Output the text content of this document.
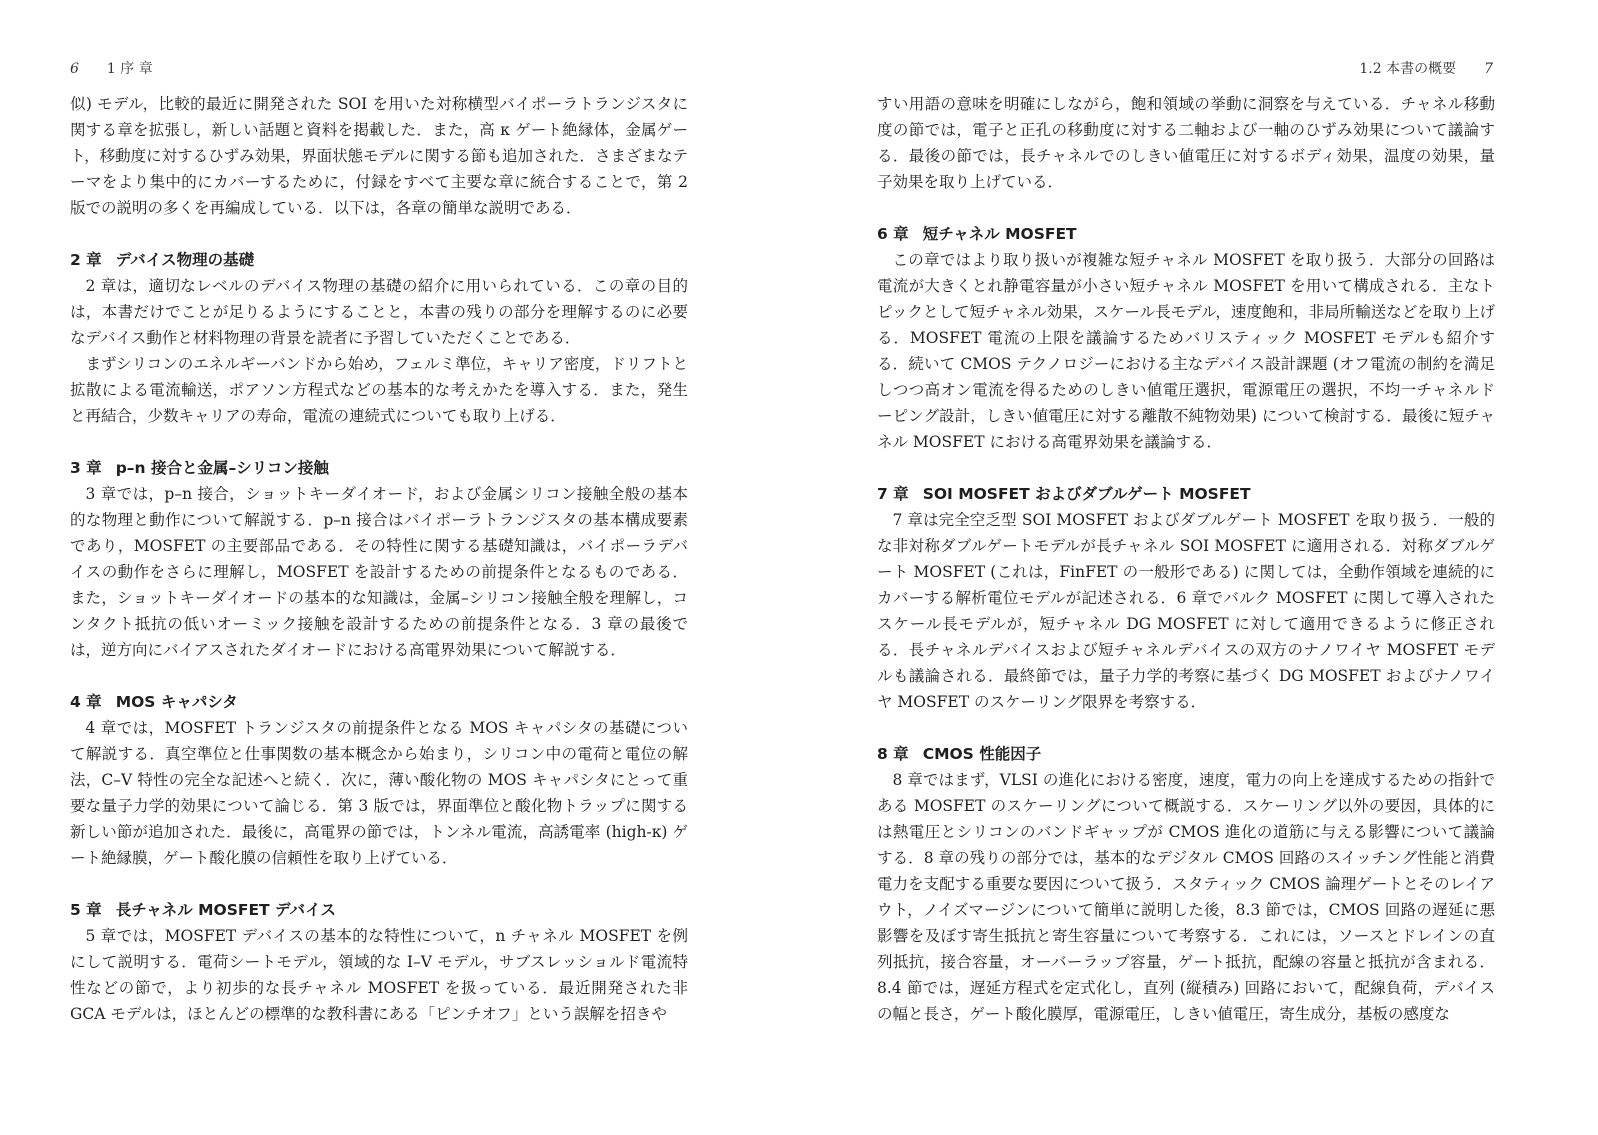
6 1 序 章

似) モデル，比較的最近に開発された SOI を用いた対称横型バイポーラトランジスタに関する章を拡張し，新しい話題と資料を掲載した．また，高 κ ゲート絶縁体，金属ゲート，移動度に対するひずみ効果，界面状態モデルに関する節も追加された．さまざまなテーマをより集中的にカバーするために，付録をすべて主要な章に統合することで，第 2 版での説明の多くを再編成している．以下は，各章の簡単な説明である．

2 章 デバイス物理の基礎

2 章は，適切なレベルのデバイス物理の基礎の紹介に用いられている．この章の目的は，本書だけでことが足りるようにすることと，本書の残りの部分を理解するのに必要なデバイス動作と材料物理の背景を読者に予習していただくことである．

まずシリコンのエネルギーバンドから始め，フェルミ準位，キャリア密度，ドリフトと拡散による電流輸送，ポアソン方程式などの基本的な考えかたを導入する．また，発生と再結合，少数キャリアの寿命，電流の連続式についても取り上げる．

3 章 p–n 接合と金属–シリコン接触

3 章では，p–n 接合，ショットキーダイオード，および金属シリコン接触全般の基本的な物理と動作について解説する．p–n 接合はバイポーラトランジスタの基本構成要素であり，MOSFET の主要部品である．その特性に関する基礎知識は，バイポーラデバイスの動作をさらに理解し，MOSFET を設計するための前提条件となるものである．また，ショットキーダイオードの基本的な知識は，金属–シリコン接触全般を理解し，コンタクト抵抗の低いオーミック接触を設計するための前提条件となる．3 章の最後では，逆方向にバイアスされたダイオードにおける高電界効果について解説する．

4 章 MOS キャパシタ

4 章では，MOSFET トランジスタの前提条件となる MOS キャパシタの基礎について解説する．真空準位と仕事関数の基本概念から始まり，シリコン中の電荷と電位の解法，C–V 特性の完全な記述へと続く．次に，薄い酸化物の MOS キャパシタにとって重要な量子力学的効果について論じる．第 3 版では，界面準位と酸化物トラップに関する新しい節が追加された．最後に，高電界の節では，トンネル電流，高誘電率 (high-κ) ゲート絶縁膜，ゲート酸化膜の信頼性を取り上げている．

5 章 長チャネル MOSFET デバイス

5 章では，MOSFET デバイスの基本的な特性について，n チャネル MOSFET を例にして説明する．電荷シートモデル，領域的な I–V モデル，サブスレッショルド電流特性などの節で，より初歩的な長チャネル MOSFET を扱っている．最近開発された非 GCA モデルは，ほとんどの標準的な教科書にある「ピンチオフ」という誤解を招きや

1.2 本書の概要 7

すい用語の意味を明確にしながら，飽和領域の挙動に洞察を与えている．チャネル移動度の節では，電子と正孔の移動度に対する二軸および一軸のひずみ効果について議論する．最後の節では，長チャネルでのしきい値電圧に対するボディ効果，温度の効果，量子効果を取り上げている．

6 章 短チャネル MOSFET

この章ではより取り扱いが複雑な短チャネル MOSFET を取り扱う．大部分の回路は電流が大きくとれ静電容量が小さい短チャネル MOSFET を用いて構成される．主なトピックとして短チャネル効果，スケール長モデル，速度飽和，非局所輸送などを取り上げる．MOSFET 電流の上限を議論するためバリスティック MOSFET モデルも紹介する．続いて CMOS テクノロジーにおける主なデバイス設計課題 (オフ電流の制約を満足しつつ高オン電流を得るためのしきい値電圧選択，電源電圧の選択，不均一チャネルドーピング設計，しきい値電圧に対する離散不純物効果) について検討する．最後に短チャネル MOSFET における高電界効果を議論する．

7 章 SOI MOSFET およびダブルゲート MOSFET

7 章は完全空乏型 SOI MOSFET およびダブルゲート MOSFET を取り扱う．一般的な非対称ダブルゲートモデルが長チャネル SOI MOSFET に適用される．対称ダブルゲート MOSFET (これは，FinFET の一般形である) に関しては，全動作領域を連続的にカバーする解析電位モデルが記述される．6 章でバルク MOSFET に関して導入されたスケール長モデルが，短チャネル DG MOSFET に対して適用できるように修正される．長チャネルデバイスおよび短チャネルデバイスの双方のナノワイヤ MOSFET モデルも議論される．最終節では，量子力学的考察に基づく DG MOSFET およびナノワイヤ MOSFET のスケーリング限界を考察する．

8 章 CMOS 性能因子

8 章ではまず，VLSI の進化における密度，速度，電力の向上を達成するための指針である MOSFET のスケーリングについて概説する．スケーリング以外の要因，具体的には熱電圧とシリコンのバンドギャップが CMOS 進化の道筋に与える影響について議論する．8 章の残りの部分では，基本的なデジタル CMOS 回路のスイッチング性能と消費電力を支配する重要な要因について扱う．スタティック CMOS 論理ゲートとそのレイアウト，ノイズマージンについて簡単に説明した後，8.3 節では，CMOS 回路の遅延に悪影響を及ぼす寄生抵抗と寄生容量について考察する．これには，ソースとドレインの直列抵抗，接合容量，オーバーラップ容量，ゲート抵抗，配線の容量と抵抗が含まれる．8.4 節では，遅延方程式を定式化し，直列 (縦積み) 回路において，配線負荷，デバイスの幅と長さ，ゲート酸化膜厚，電源電圧，しきい値電圧，寄生成分，基板の感度な
